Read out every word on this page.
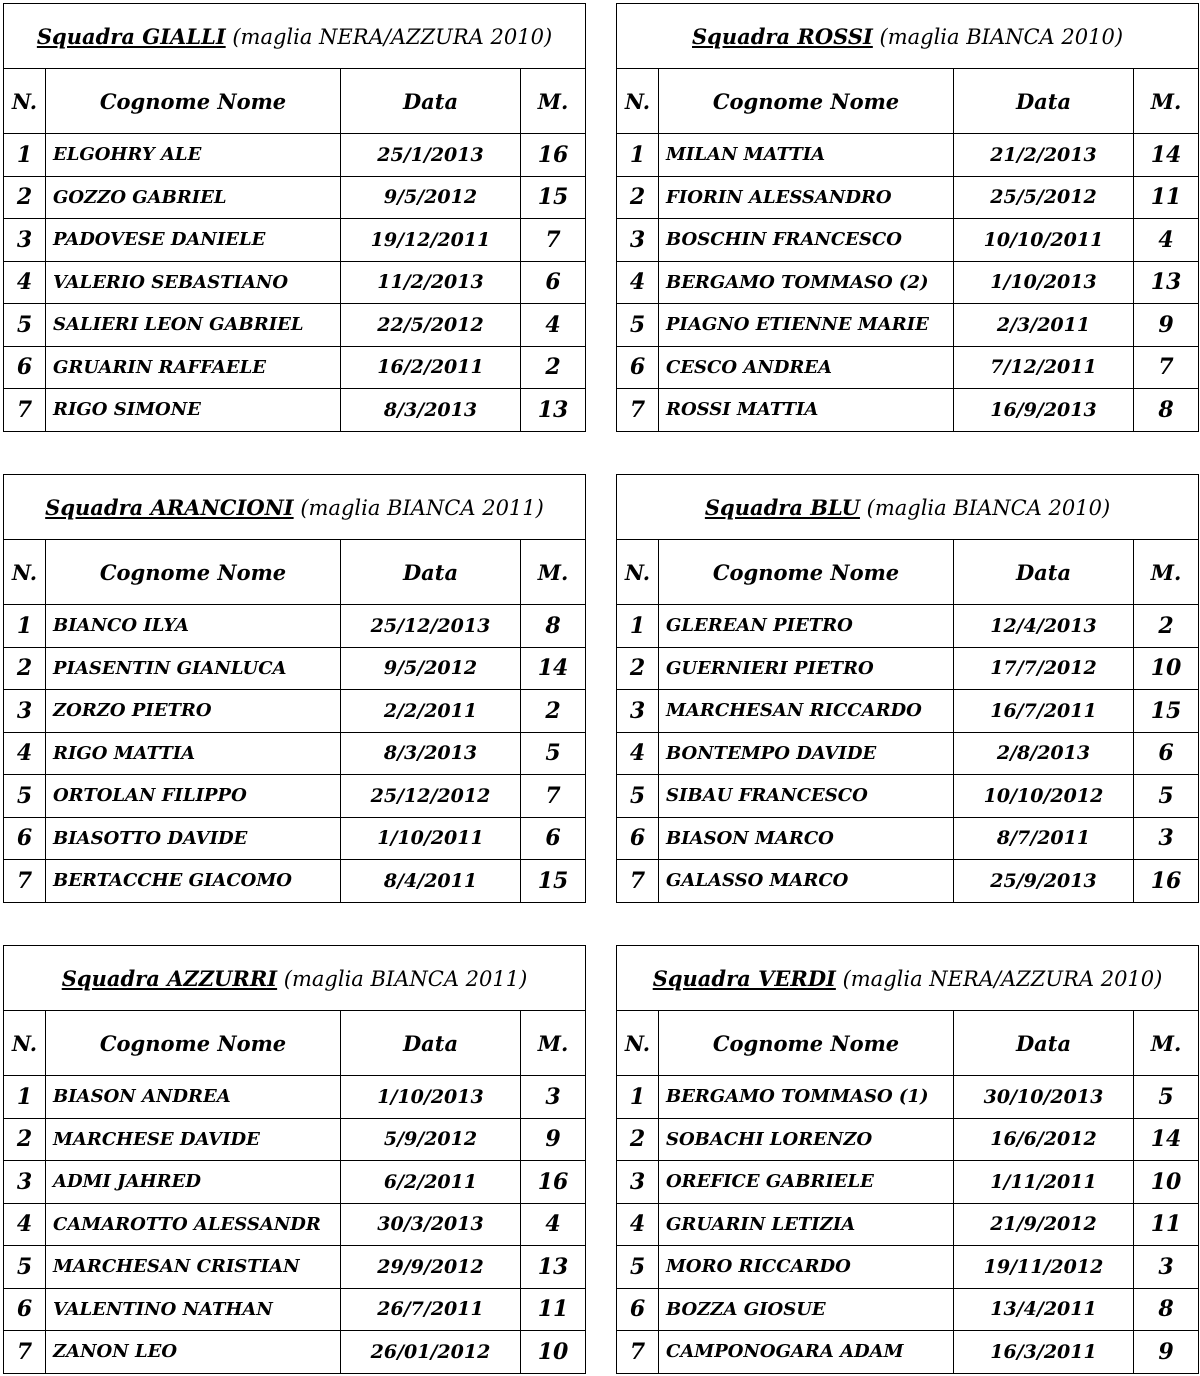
Squadra GIALLI (maglia NERA/AZZURA 2010)			
N.	Cognome Nome	Data	M.
1	ELGOHRY ALE	25/1/2013	16
2	GOZZO GABRIEL	9/5/2012	15
3	PADOVESE DANIELE	19/12/2011	7
4	VALERIO SEBASTIANO	11/2/2013	6
5	SALIERI LEON GABRIEL	22/5/2012	4
6	GRUARIN RAFFAELE	16/2/2011	2
7	RIGO SIMONE	8/3/2013	13
Squadra ROSSI (maglia BIANCA 2010)			
N.	Cognome Nome	Data	M.
1	MILAN MATTIA	21/2/2013	14
2	FIORIN ALESSANDRO	25/5/2012	11
3	BOSCHIN FRANCESCO	10/10/2011	4
4	BERGAMO TOMMASO (2)	1/10/2013	13
5	PIAGNO ETIENNE MARIE	2/3/2011	9
6	CESCO ANDREA	7/12/2011	7
7	ROSSI MATTIA	16/9/2013	8
Squadra ARANCIONI (maglia BIANCA 2011)			
N.	Cognome Nome	Data	M.
1	BIANCO ILYA	25/12/2013	8
2	PIASENTIN GIANLUCA	9/5/2012	14
3	ZORZO PIETRO	2/2/2011	2
4	RIGO MATTIA	8/3/2013	5
5	ORTOLAN FILIPPO	25/12/2012	7
6	BIASOTTO DAVIDE	1/10/2011	6
7	BERTACCHE GIACOMO	8/4/2011	15
Squadra BLU (maglia BIANCA 2010)			
N.	Cognome Nome	Data	M.
1	GLEREAN PIETRO	12/4/2013	2
2	GUERNIERI PIETRO	17/7/2012	10
3	MARCHESAN RICCARDO	16/7/2011	15
4	BONTEMPO DAVIDE	2/8/2013	6
5	SIBAU FRANCESCO	10/10/2012	5
6	BIASON MARCO	8/7/2011	3
7	GALASSO MARCO	25/9/2013	16
Squadra AZZURRI (maglia BIANCA 2011)			
N.	Cognome Nome	Data	M.
1	BIASON ANDREA	1/10/2013	3
2	MARCHESE DAVIDE	5/9/2012	9
3	ADMI JAHRED	6/2/2011	16
4	CAMAROTTO ALESSANDR	30/3/2013	4
5	MARCHESAN CRISTIAN	29/9/2012	13
6	VALENTINO NATHAN	26/7/2011	11
7	ZANON LEO	26/01/2012	10
Squadra VERDI (maglia NERA/AZZURA 2010)			
N.	Cognome Nome	Data	M.
1	BERGAMO TOMMASO (1)	30/10/2013	5
2	SOBACHI LORENZO	16/6/2012	14
3	OREFICE GABRIELE	1/11/2011	10
4	GRUARIN LETIZIA	21/9/2012	11
5	MORO RICCARDO	19/11/2012	3
6	BOZZA GIOSUE	13/4/2011	8
7	CAMPONOGARA ADAM	16/3/2011	9
